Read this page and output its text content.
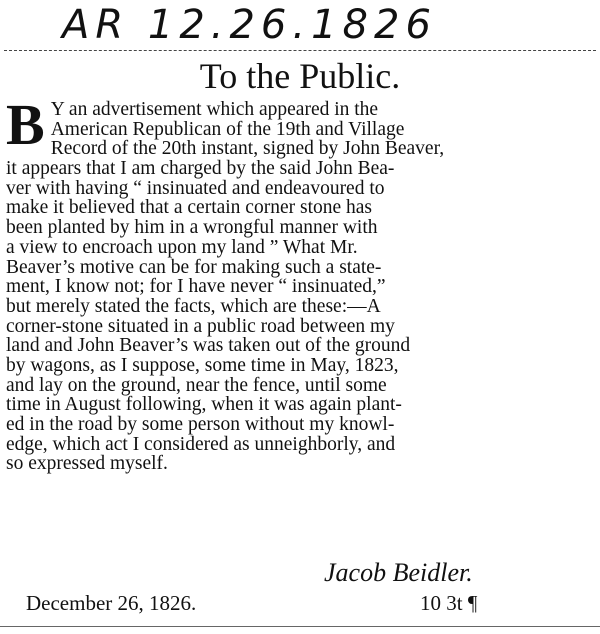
AR 12.26.1826
To the Public.
B Y an advertisement which appeared in the
American Republican of the 19th and Village
Record of the 20th instant, signed by John Beaver,
it appears that I am charged by the said John Bea-
ver with having “ insinuated and endeavoured to
make it believed that a certain corner stone has
been planted by him in a wrongful manner with
a view to encroach upon my land ” What Mr.
Beaver’s motive can be for making such a state-
ment, I know not; for I have never “ insinuated,”
but merely stated the facts, which are these:—A
corner-stone situated in a public road between my
land and John Beaver’s was taken out of the ground
by wagons, as I suppose, some time in May, 1823,
and lay on the ground, near the fence, until some
time in August following, when it was again plant-
ed in the road by some person without my knowl-
edge, which act I considered as unneighborly, and
so expressed myself.
Jacob Beidler.
December 26, 1826.	10 3t ¶
